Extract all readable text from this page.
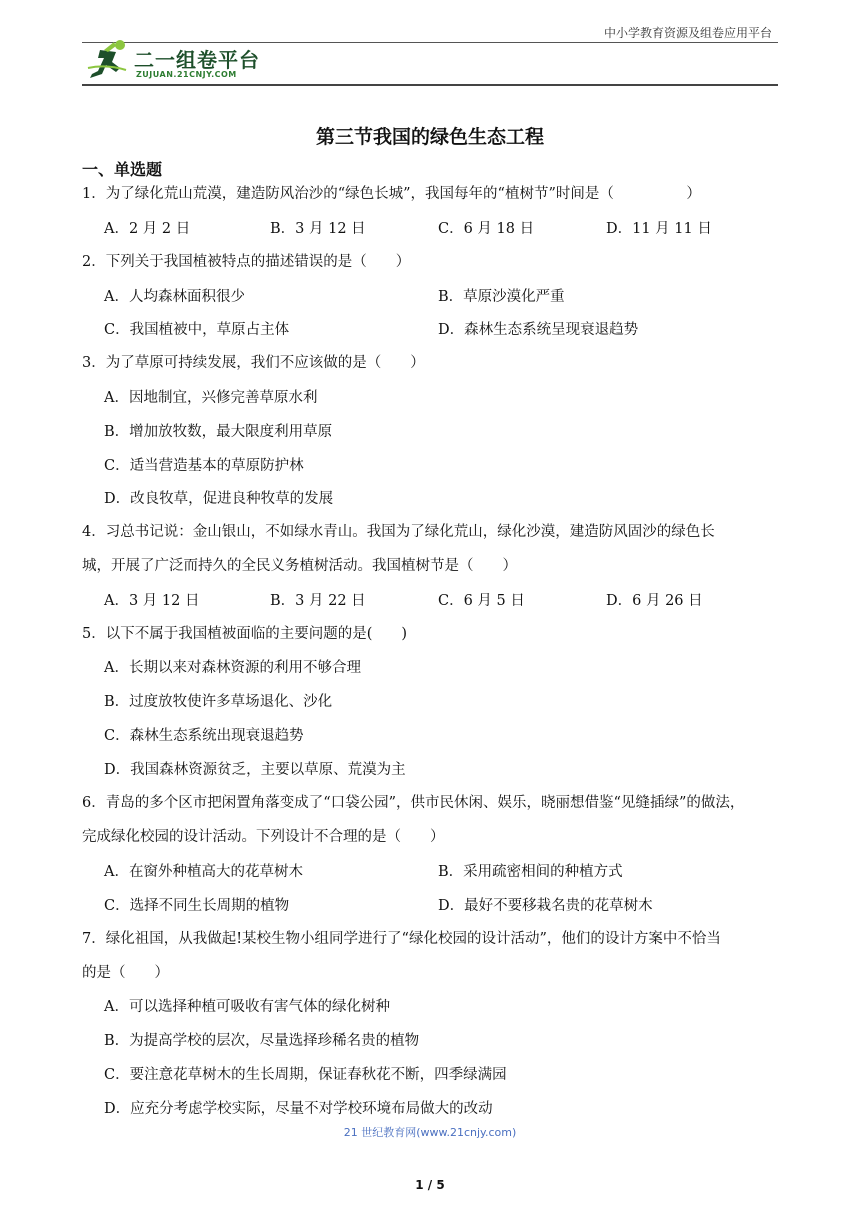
中小学教育资源及组卷应用平台
二一组卷平台
ZUJUAN.21CNJY.COM
第三节我国的绿色生态工程
一、单选题
1．为了绿化荒山荒漠，建造防风治沙的“绿色长城”，我国每年的“植树节”时间是（　　　　　）
A．2 月 2 日	B．3 月 12 日	C．6 月 18 日	D．11 月 11 日
2．下列关于我国植被特点的描述错误的是（　　）
A．人均森林面积很少	B．草原沙漠化严重
C．我国植被中，草原占主体	D．森林生态系统呈现衰退趋势
3．为了草原可持续发展，我们不应该做的是（　　）
A．因地制宜，兴修完善草原水利
B．增加放牧数，最大限度利用草原
C．适当营造基本的草原防护林
D．改良牧草，促进良种牧草的发展
4．习总书记说：金山银山，不如绿水青山。我国为了绿化荒山，绿化沙漠，建造防风固沙的绿色长
城，开展了广泛而持久的全民义务植树活动。我国植树节是（　　）
A．3 月 12 日	B．3 月 22 日	C．6 月 5 日	D．6 月 26 日
5．以下不属于我国植被面临的主要问题的是(　　)
A．长期以来对森林资源的利用不够合理
B．过度放牧使许多草场退化、沙化
C．森林生态系统出现衰退趋势
D．我国森林资源贫乏，主要以草原、荒漠为主
6．青岛的多个区市把闲置角落变成了“口袋公园”，供市民休闲、娱乐，晓丽想借鉴“见缝插绿”的做法，
完成绿化校园的设计活动。下列设计不合理的是（　　）
A．在窗外种植高大的花草树木	B．采用疏密相间的种植方式
C．选择不同生长周期的植物	D．最好不要移栽名贵的花草树木
7．绿化祖国，从我做起!某校生物小组同学进行了“绿化校园的设计活动”，他们的设计方案中不恰当
的是（　　）
A．可以选择种植可吸收有害气体的绿化树种
B．为提高学校的层次，尽量选择珍稀名贵的植物
C．要注意花草树木的生长周期，保证春秋花不断，四季绿满园
D．应充分考虑学校实际，尽量不对学校环境布局做大的改动
21 世纪教育网(www.21cnjy.com)
1 / 5
